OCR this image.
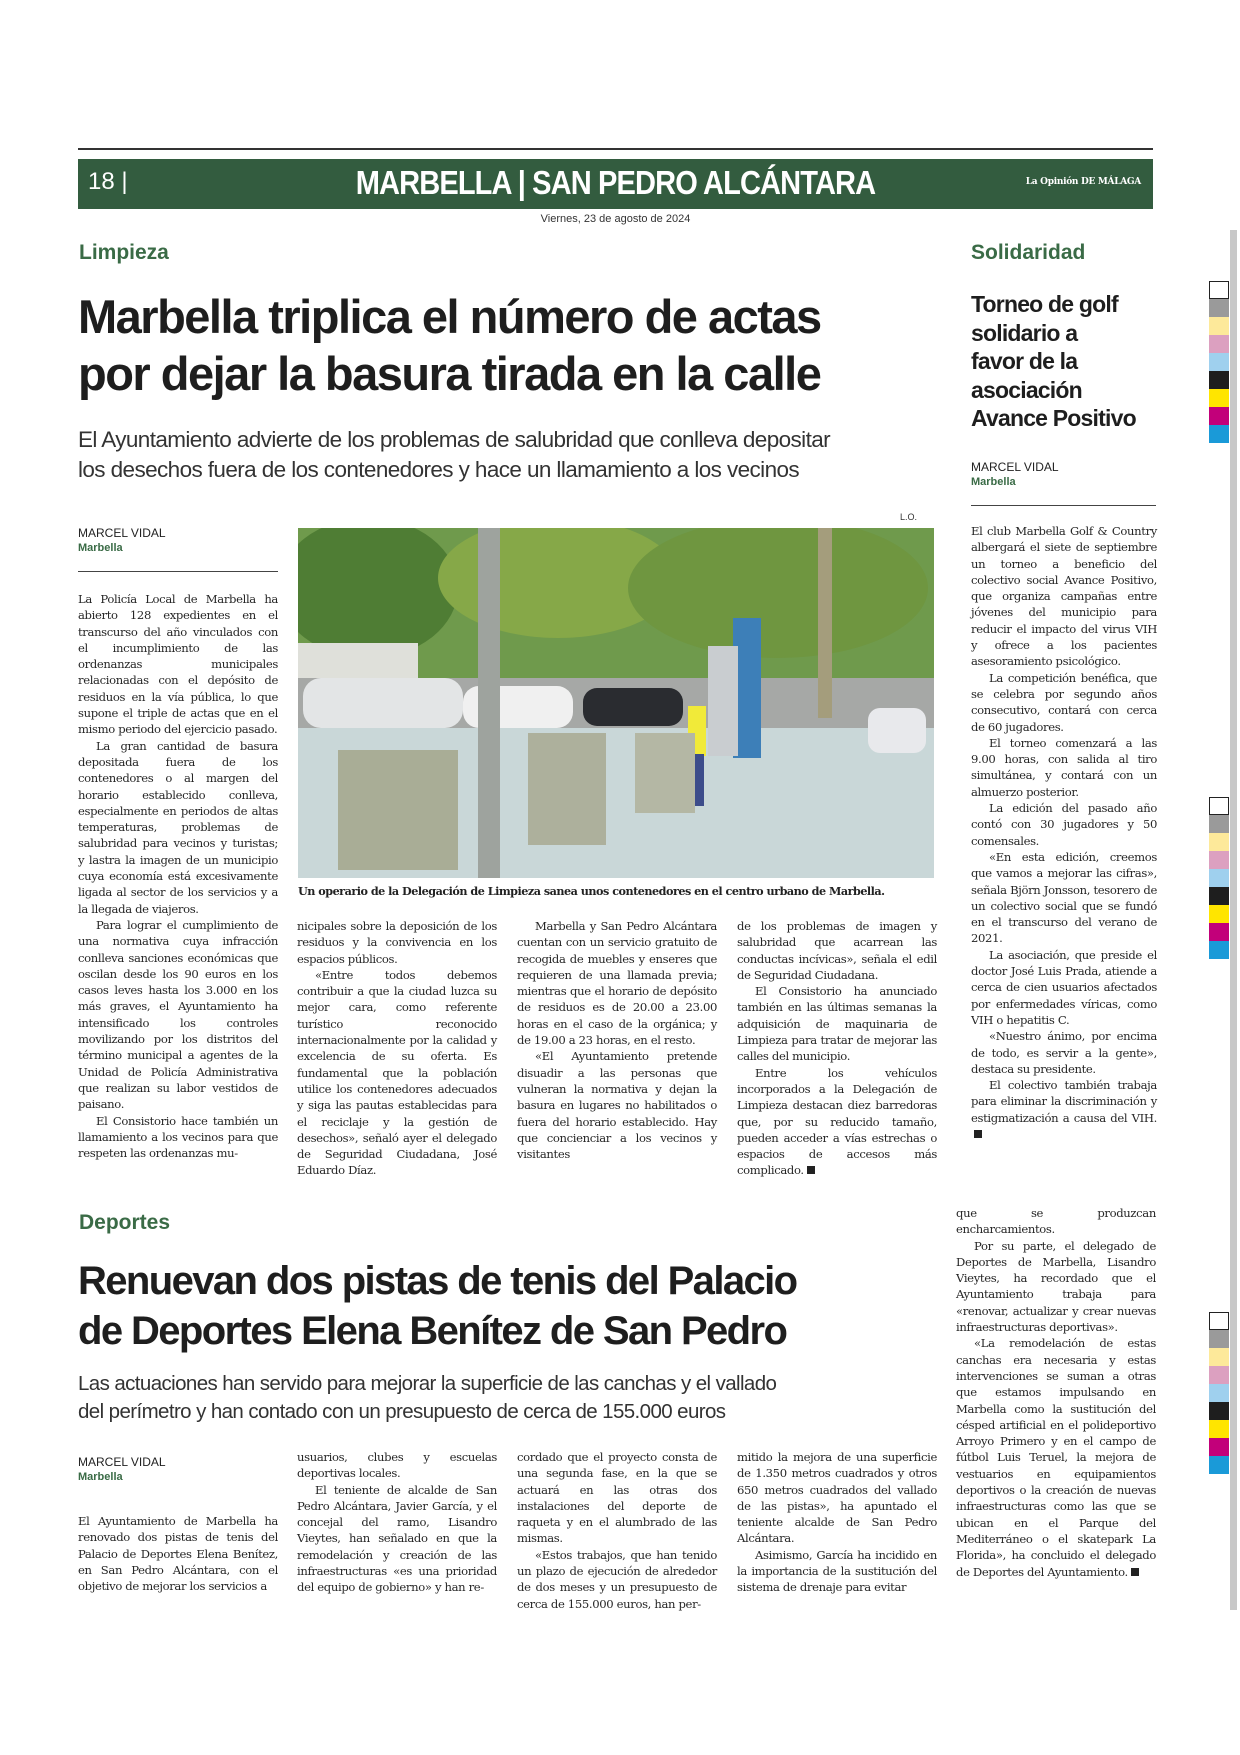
18 |	MARBELLA | SAN PEDRO ALCÁNTARA	La Opinión DE MÁLAGA
Viernes, 23 de agosto de 2024
Limpieza
Marbella triplica el número de actas
por dejar la basura tirada en la calle
El Ayuntamiento advierte de los problemas de salubridad que conlleva depositar
los desechos fuera de los contenedores y hace un llamamiento a los vecinos
MARCEL VIDAL
Marbella
L.O.
Un operario de la Delegación de Limpieza sanea unos contenedores en el centro urbano de Marbella.

La Policía Local de Marbella ha abierto 128 expedientes en el transcurso del año vinculados con el incumplimiento de las ordenanzas municipales relacionadas con el depósito de residuos en la vía pública, lo que supone el triple de actas que en el mismo periodo del ejercicio pasado.

La gran cantidad de basura depositada fuera de los contenedores o al margen del horario establecido conlleva, especialmente en periodos de altas temperaturas, problemas de salubridad para vecinos y turistas; y lastra la imagen de un municipio cuya economía está excesivamente ligada al sector de los servicios y a la llegada de viajeros.

Para lograr el cumplimiento de una normativa cuya infracción conlleva sanciones económicas que oscilan desde los 90 euros en los casos leves hasta los 3.000 en los más graves, el Ayuntamiento ha intensificado los controles movilizando por los distritos del término municipal a agentes de la Unidad de Policía Administrativa que realizan su labor vestidos de paisano.

El Consistorio hace también un llamamiento a los vecinos para que respeten las ordenanzas mu-

nicipales sobre la deposición de los residuos y la convivencia en los espacios públicos.

«Entre todos debemos contribuir a que la ciudad luzca su mejor cara, como referente turístico reconocido internacionalmente por la calidad y excelencia de su oferta. Es fundamental que la población utilice los contenedores adecuados y siga las pautas establecidas para el reciclaje y la gestión de desechos», señaló ayer el delegado de Seguridad Ciudadana, José Eduardo Díaz.

Marbella y San Pedro Alcántara cuentan con un servicio gratuito de recogida de muebles y enseres que requieren de una llamada previa; mientras que el horario de depósito de residuos es de 20.00 a 23.00 horas en el caso de la orgánica; y de 19.00 a 23 horas, en el resto.

«El Ayuntamiento pretende disuadir a las personas que vulneran la normativa y dejan la basura en lugares no habilitados o fuera del horario establecido. Hay que concienciar a los vecinos y visitantes

de los problemas de imagen y salubridad que acarrean las conductas incívicas», señala el edil de Seguridad Ciudadana.

El Consistorio ha anunciado también en las últimas semanas la adquisición de maquinaria de Limpieza para tratar de mejorar las calles del municipio.

Entre los vehículos incorporados a la Delegación de Limpieza destacan diez barredoras que, por su reducido tamaño, pueden acceder a vías estrechas o espacios de accesos más complicado.

Solidaridad
Torneo de golf
solidario a
favor de la
asociación
Avance Positivo
MARCEL VIDAL
Marbella

El club Marbella Golf & Country albergará el siete de septiembre un torneo a beneficio del colectivo social Avance Positivo, que organiza campañas entre jóvenes del municipio para reducir el impacto del virus VIH y ofrece a los pacientes asesoramiento psicológico.

La competición benéfica, que se celebra por segundo años consecutivo, contará con cerca de 60 jugadores.

El torneo comenzará a las 9.00 horas, con salida al tiro simultánea, y contará con un almuerzo posterior.

La edición del pasado año contó con 30 jugadores y 50 comensales.

«En esta edición, creemos que vamos a mejorar las cifras», señala Björn Jonsson, tesorero de un colectivo social que se fundó en el transcurso del verano de 2021.

La asociación, que preside el doctor José Luis Prada, atiende a cerca de cien usuarios afectados por enfermedades víricas, como VIH o hepatitis C.

«Nuestro ánimo, por encima de todo, es servir a la gente», destaca su presidente.

El colectivo también trabaja para eliminar la discriminación y estigmatización a causa del VIH.

Deportes
Renuevan dos pistas de tenis del Palacio
de Deportes Elena Benítez de San Pedro
Las actuaciones han servido para mejorar la superficie de las canchas y el vallado
del perímetro y han contado con un presupuesto de cerca de 155.000 euros
MARCEL VIDAL
Marbella

El Ayuntamiento de Marbella ha renovado dos pistas de tenis del Palacio de Deportes Elena Benítez, en San Pedro Alcántara, con el objetivo de mejorar los servicios a

usuarios, clubes y escuelas deportivas locales.

El teniente de alcalde de San Pedro Alcántara, Javier García, y el concejal del ramo, Lisandro Vieytes, han señalado en que la remodelación y creación de las infraestructuras «es una prioridad del equipo de gobierno» y han re-

cordado que el proyecto consta de una segunda fase, en la que se actuará en las otras dos instalaciones del deporte de raqueta y en el alumbrado de las mismas.

«Estos trabajos, que han tenido un plazo de ejecución de alrededor de dos meses y un presupuesto de cerca de 155.000 euros, han per-

mitido la mejora de una superficie de 1.350 metros cuadrados y otros 650 metros cuadrados del vallado de las pistas», ha apuntado el teniente alcalde de San Pedro Alcántara.

Asimismo, García ha incidido en la importancia de la sustitución del sistema de drenaje para evitar

que se produzcan encharcamientos.

Por su parte, el delegado de Deportes de Marbella, Lisandro Vieytes, ha recordado que el Ayuntamiento trabaja para «renovar, actualizar y crear nuevas infraestructuras deportivas».

«La remodelación de estas canchas era necesaria y estas intervenciones se suman a otras que estamos impulsando en Marbella como la sustitución del césped artificial en el polideportivo Arroyo Primero y en el campo de fútbol Luis Teruel, la mejora de vestuarios en equipamientos deportivos o la creación de nuevas infraestructuras como las que se ubican en el Parque del Mediterráneo o el skatepark La Florida», ha concluido el delegado de Deportes del Ayuntamiento.
